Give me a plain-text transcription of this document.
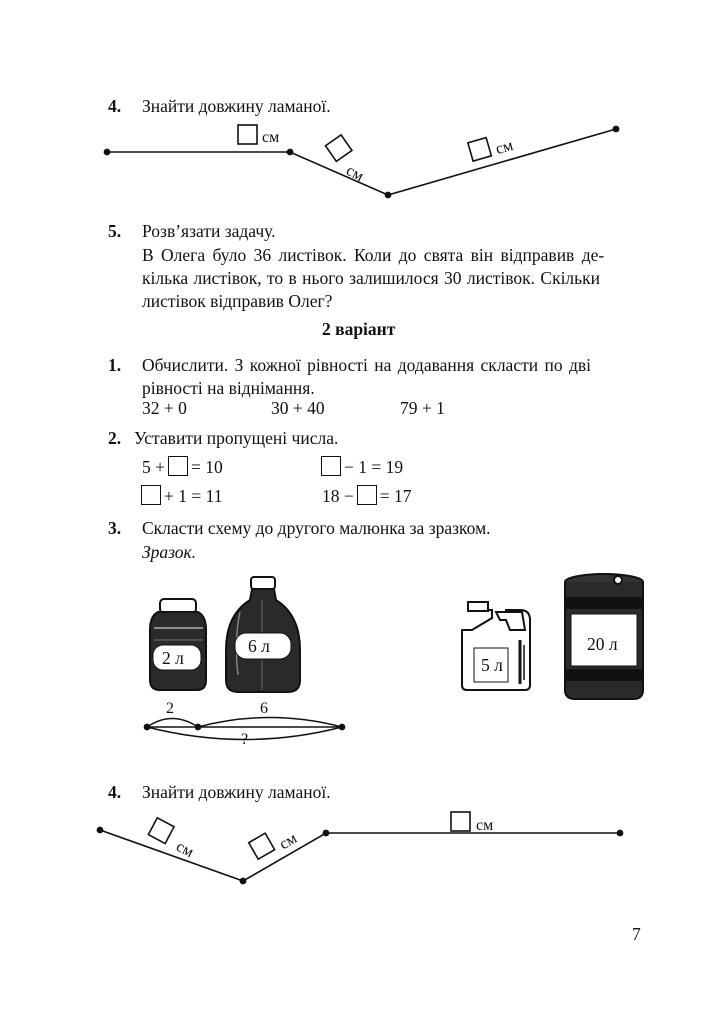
4. Знайти довжину ламаної.
см
см
см
5. Розв’язати задачу.
В Олега було 36 листівок. Коли до свята він відправив де-
кілька листівок, то в нього залишилося 30 листівок. Скільки
листівок відправив Олег?
2 варіант
1. Обчислити. З кожної рівності на додавання скласти по дві
рівності на віднімання.
32 + 0	30 + 40	79 + 1
2. Уставити пропущені числа.
5 + = 10	− 1 = 19
+ 1 = 11	18 − = 17
3. Скласти схему до другого малюнка за зразком.
Зразок.
2 л
6 л
5 л
20 л
2	6
?
4. Знайти довжину ламаної.
см	см
см
7
